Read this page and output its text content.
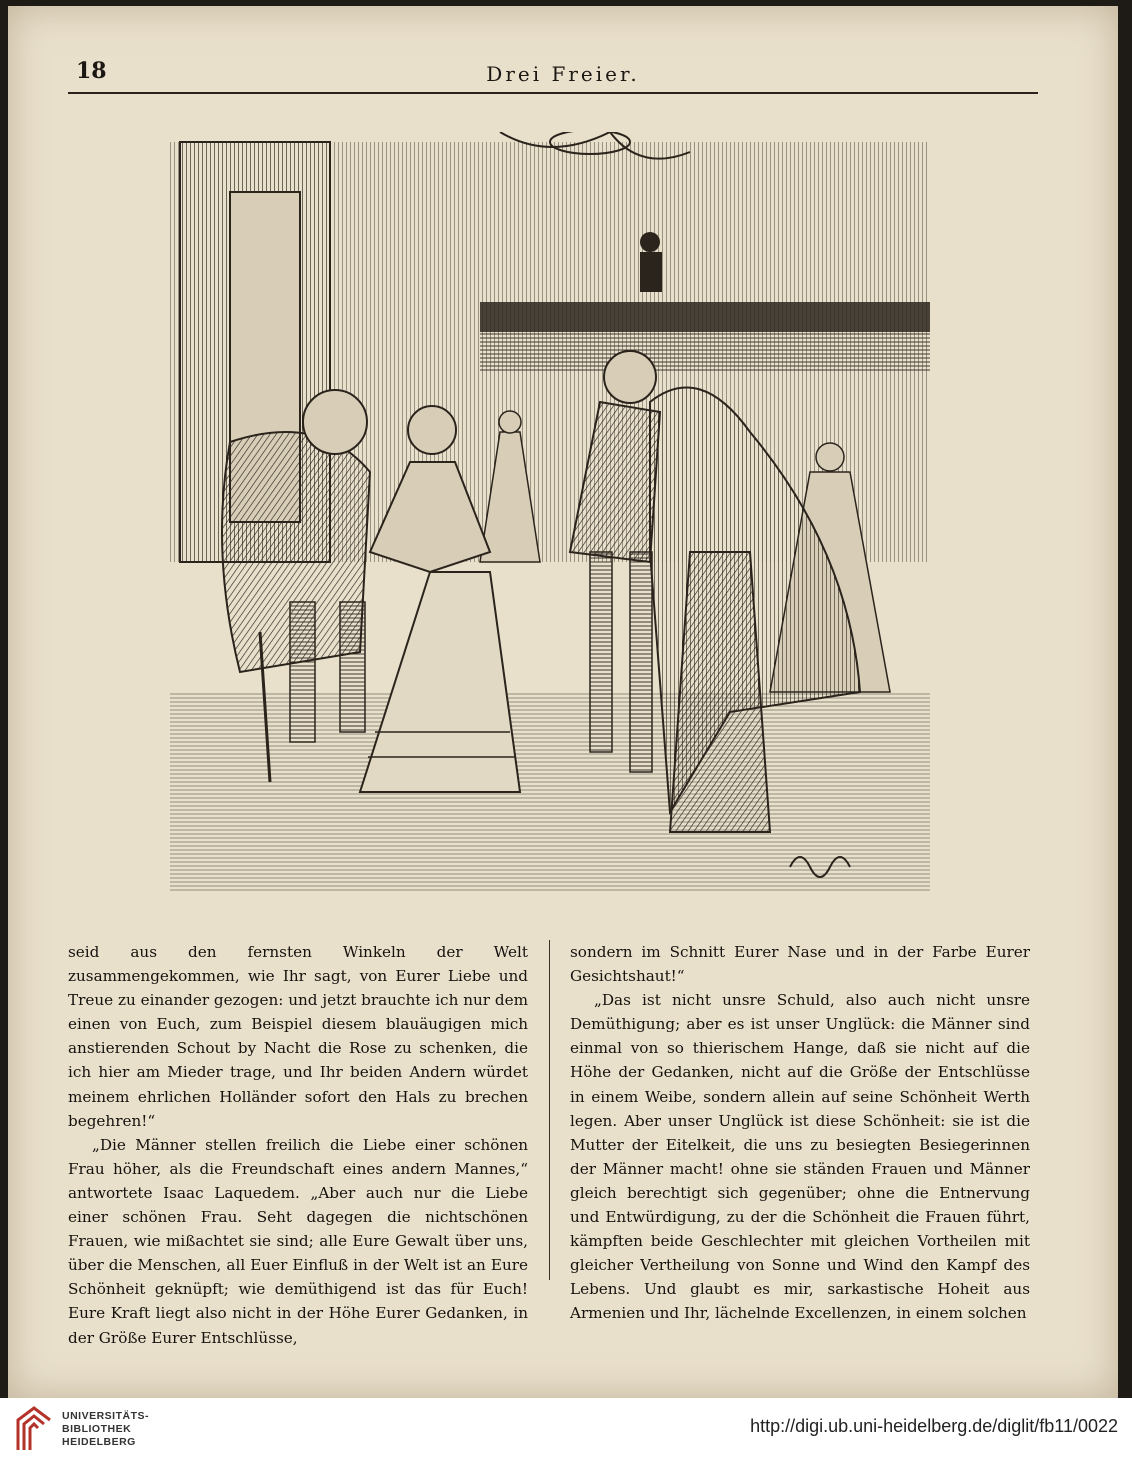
18	Drei Freier.

seid aus den fernsten Winkeln der Welt zusammengekommen, wie Ihr sagt, von Eurer Liebe und Treue zu einander gezogen: und jetzt brauchte ich nur dem einen von Euch, zum Beispiel diesem blauäugigen mich anstierenden Schout by Nacht die Rose zu schenken, die ich hier am Mieder trage, und Ihr beiden Andern würdet meinem ehrlichen Holländer sofort den Hals zu brechen begehren!“

„Die Männer stellen freilich die Liebe einer schönen Frau höher, als die Freundschaft eines andern Mannes,“ antwortete Isaac Laquedem. „Aber auch nur die Liebe einer schönen Frau. Seht dagegen die nichtschönen Frauen, wie mißachtet sie sind; alle Eure Gewalt über uns, über die Menschen, all Euer Einfluß in der Welt ist an Eure Schönheit geknüpft; wie demüthigend ist das für Euch! Eure Kraft liegt also nicht in der Höhe Eurer Gedanken, in der Größe Eurer Entschlüsse,

sondern im Schnitt Eurer Nase und in der Farbe Eurer Gesichtshaut!“

„Das ist nicht unsre Schuld, also auch nicht unsre Demüthigung; aber es ist unser Unglück: die Männer sind einmal von so thierischem Hange, daß sie nicht auf die Höhe der Gedanken, nicht auf die Größe der Entschlüsse in einem Weibe, sondern allein auf seine Schönheit Werth legen. Aber unser Unglück ist diese Schönheit: sie ist die Mutter der Eitelkeit, die uns zu besiegten Besiegerinnen der Männer macht! ohne sie ständen Frauen und Männer gleich berechtigt sich gegenüber; ohne die Entnervung und Entwürdigung, zu der die Schönheit die Frauen führt, kämpften beide Geschlechter mit gleichen Vortheilen mit gleicher Vertheilung von Sonne und Wind den Kampf des Lebens. Und glaubt es mir, sarkastische Hoheit aus Armenien und Ihr, lächelnde Excellenzen, in einem solchen

UNIVERSITÄTS-
BIBLIOTHEK
HEIDELBERG
http://digi.ub.uni-heidelberg.de/diglit/fb11/0022
